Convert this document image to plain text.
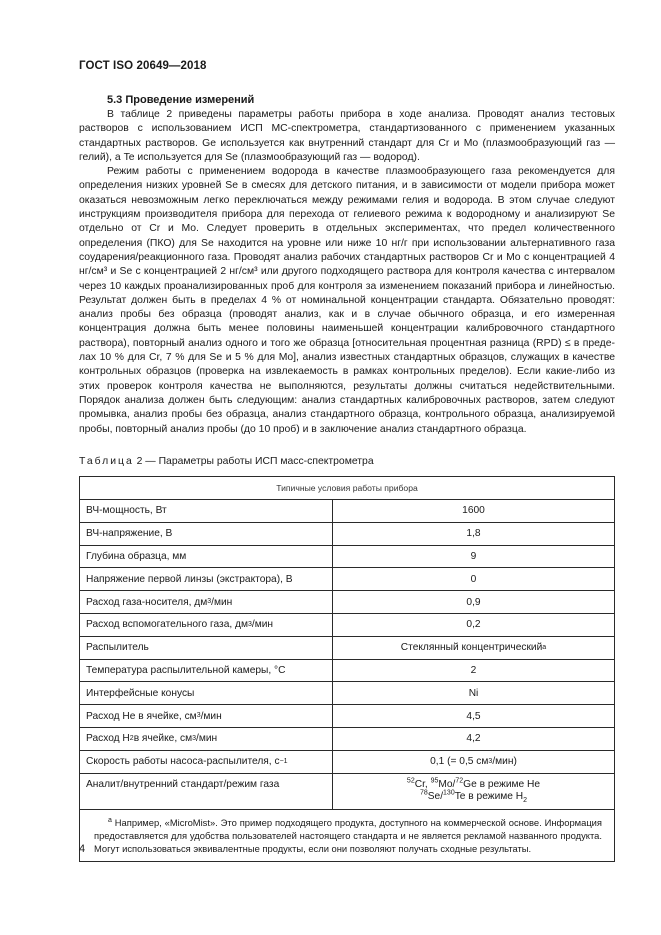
ГОСТ ISO 20649—2018
5.3 Проведение измерений

В таблице 2 приведены параметры работы прибора в ходе анализа. Проводят анализ тестовых растворов с использованием ИСП МС-спектрометра, стандартизованного с применением указанных стандартных растворов. Ge используется как внутренний стандарт для Cr и Mo (плазмообразующий газ — гелий), а Te используется для Se (плазмообразующий газ — водород).

Режим работы с применением водорода в качестве плазмообразующего газа рекомендуется для определения низких уровней Se в смесях для детского питания, и в зависимости от модели прибора может оказаться невозможным легко переключаться между режимами гелия и водорода. В этом случае следуют инструкциям производителя прибора для перехода от гелиевого режима к водородному и анализируют Se отдельно от Cr и Mo. Следует проверить в отдельных экспериментах, что предел количественного определения (ПКО) для Se находится на уровне или ниже 10 нг/г при использовании альтернативного газа соударения/реакционного газа. Проводят анализ рабочих стандартных растворов Cr и Mo с концентрацией 4 нг/см³ и Se с концентрацией 2 нг/см³ или другого подходящего раствора для контроля качества с интервалом через 10 каждых проанализированных проб для контроля за изменением показаний прибора и линейностью. Результат должен быть в пределах 4 % от номинальной концентрации стандарта. Обязательно проводят: анализ пробы без образца (проводят анализ, как и в случае обычного образца, и его измеренная концентрация должна быть менее половины наименьшей концентрации калибровочного стандартного раствора), повторный анализ одного и того же образца [относительная процентная разница (RPD) ≤ в пределах 10 % для Cr, 7 % для Se и 5 % для Mo], анализ известных стандартных образцов, служащих в качестве контрольных образцов (проверка на извлекаемость в рамках контрольных пределов). Если какие-либо из этих проверок контроля качества не выполняются, результаты должны считаться недействительными. Порядок анализа должен быть следующим: анализ стандартных калибровочных растворов, затем следуют промывка, анализ пробы без образца, анализ стандартного образца, контрольного образца, анализируемой пробы, повторный анализ пробы (до 10 проб) и в заключение анализ стандартного образца.

Таблица 2 — Параметры работы ИСП масс-спектрометра
Типичные условия работы прибора
ВЧ-мощность, Вт	1600
ВЧ-напряжение, В	1,8
Глубина образца, мм	9
Напряжение первой линзы (экстрактора), В	0
Расход газа-носителя, дм 3 /мин	0,9
Расход вспомогательного газа, дм 3 /мин	0,2
Распылитель	Стеклянный концентрический a
Температура распылительной камеры, °С	2
Интерфейсные конусы	Ni
Расход He в ячейке, см 3 /мин	4,5
Расход H 2 в ячейке, см 3 /мин	4,2
Скорость работы насоса-распылителя, с −1	0,1 (= 0,5 см 3 /мин)
Аналит/внутренний стандарт/режим газа	$^{52}$Cr, $^{95}$Mo/$^{72}$Ge в режиме He
$^{78}$Se/$^{130}$Te в режиме $H_2$
$^а$ Например, «MicroMist». Это пример подходящего продукта, доступного на коммерческой основе. Информация предоставляется для удобства пользователей настоящего стандарта и не является рекламой названного продукта. Могут использоваться эквивалентные продукты, если они позволяют получать сходные результаты.
4
